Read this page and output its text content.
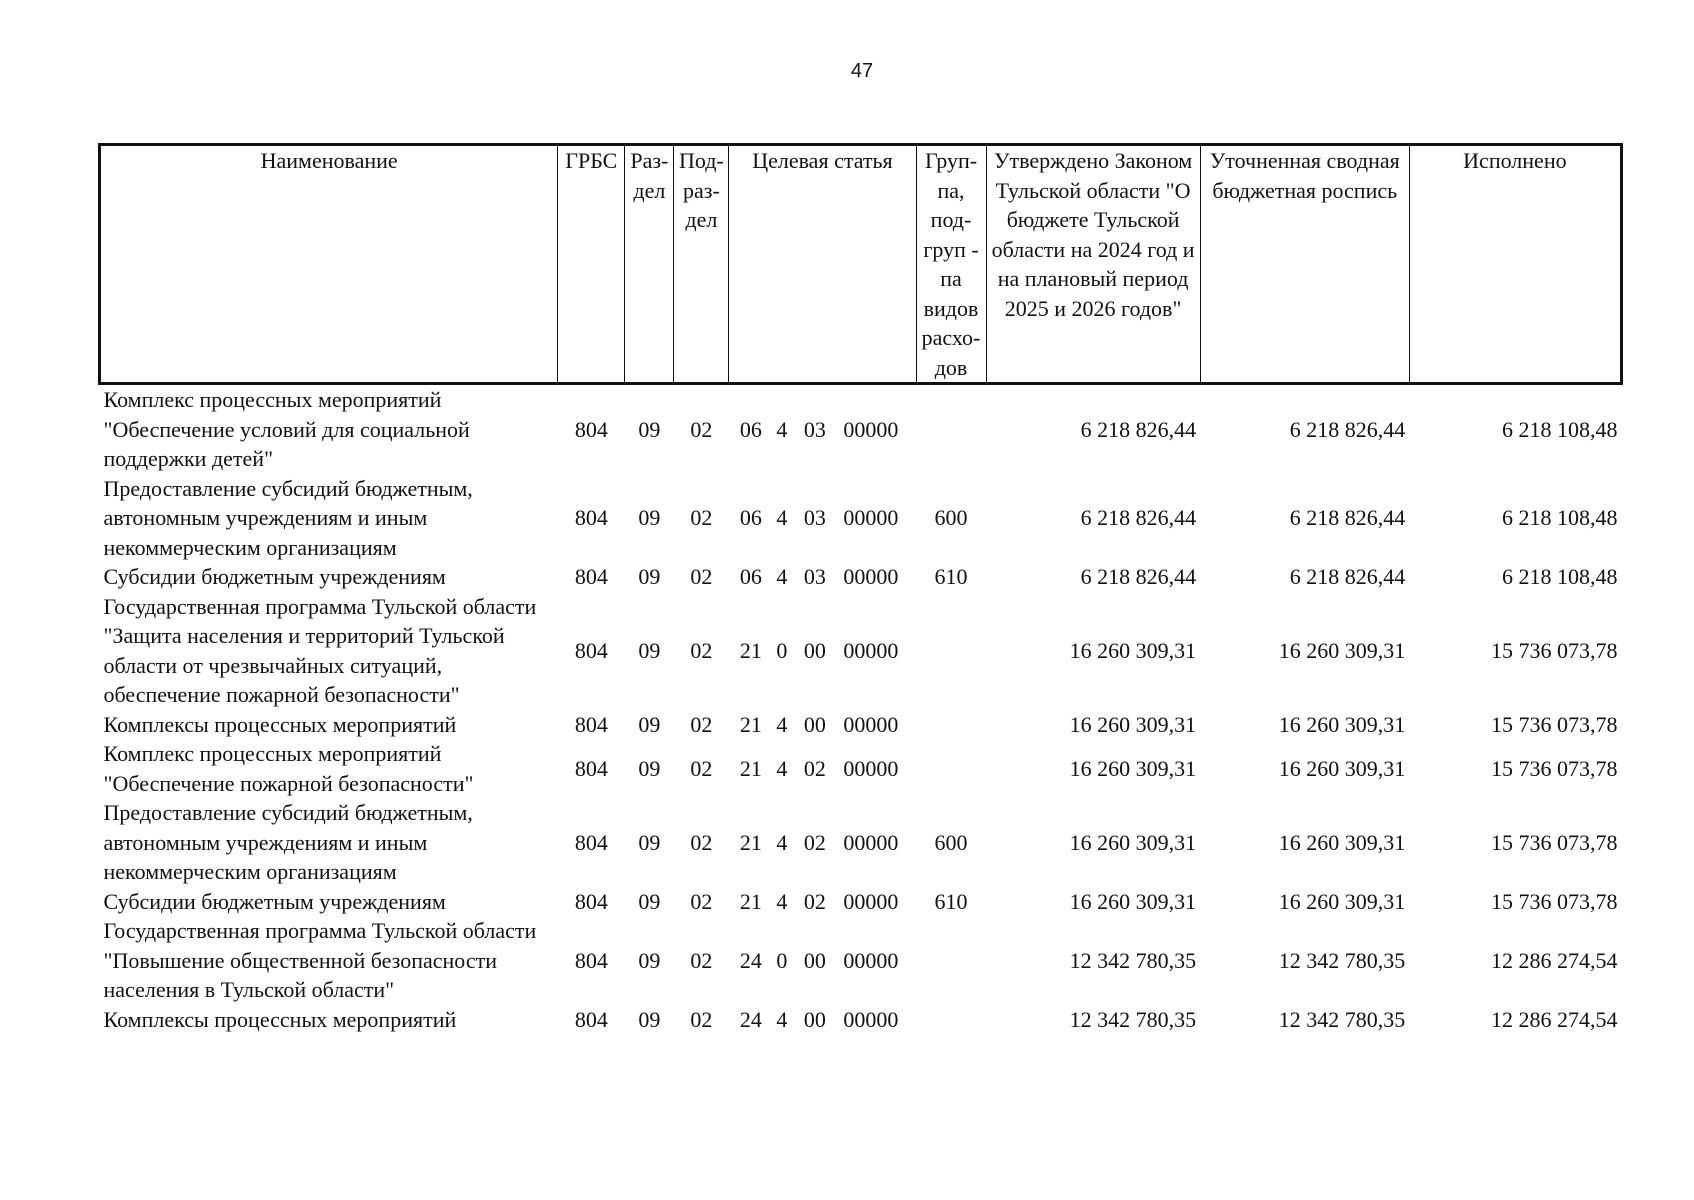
47
Наименование	ГРБС	Раз- дел	Под- раз- дел	Целевая статья	Груп- па, под- груп - па видов расхо- дов	Утверждено Законом Тульской области "О бюджете Тульской области на 2024 год и на плановый период 2025 и 2026 годов"	Уточненная сводная бюджетная роспись	Исполнено
Комплекс процессных мероприятий "Обеспечение условий для социальной поддержки детей"	804	09	02	06 4 03 00000		6 218 826,44	6 218 826,44	6 218 108,48
Предоставление субсидий бюджетным, автономным учреждениям и иным некоммерческим организациям	804	09	02	06 4 03 00000	600	6 218 826,44	6 218 826,44	6 218 108,48
Субсидии бюджетным учреждениям	804	09	02	06 4 03 00000	610	6 218 826,44	6 218 826,44	6 218 108,48
Государственная программа Тульской области "Защита населения и территорий Тульской области от чрезвычайных ситуаций, обеспечение пожарной безопасности"	804	09	02	21 0 00 00000		16 260 309,31	16 260 309,31	15 736 073,78
Комплексы процессных мероприятий	804	09	02	21 4 00 00000		16 260 309,31	16 260 309,31	15 736 073,78
Комплекс процессных мероприятий "Обеспечение пожарной безопасности"	804	09	02	21 4 02 00000		16 260 309,31	16 260 309,31	15 736 073,78
Предоставление субсидий бюджетным, автономным учреждениям и иным некоммерческим организациям	804	09	02	21 4 02 00000	600	16 260 309,31	16 260 309,31	15 736 073,78
Субсидии бюджетным учреждениям	804	09	02	21 4 02 00000	610	16 260 309,31	16 260 309,31	15 736 073,78
Государственная программа Тульской области "Повышение общественной безопасности населения в Тульской области"	804	09	02	24 0 00 00000		12 342 780,35	12 342 780,35	12 286 274,54
Комплексы процессных мероприятий	804	09	02	24 4 00 00000		12 342 780,35	12 342 780,35	12 286 274,54
